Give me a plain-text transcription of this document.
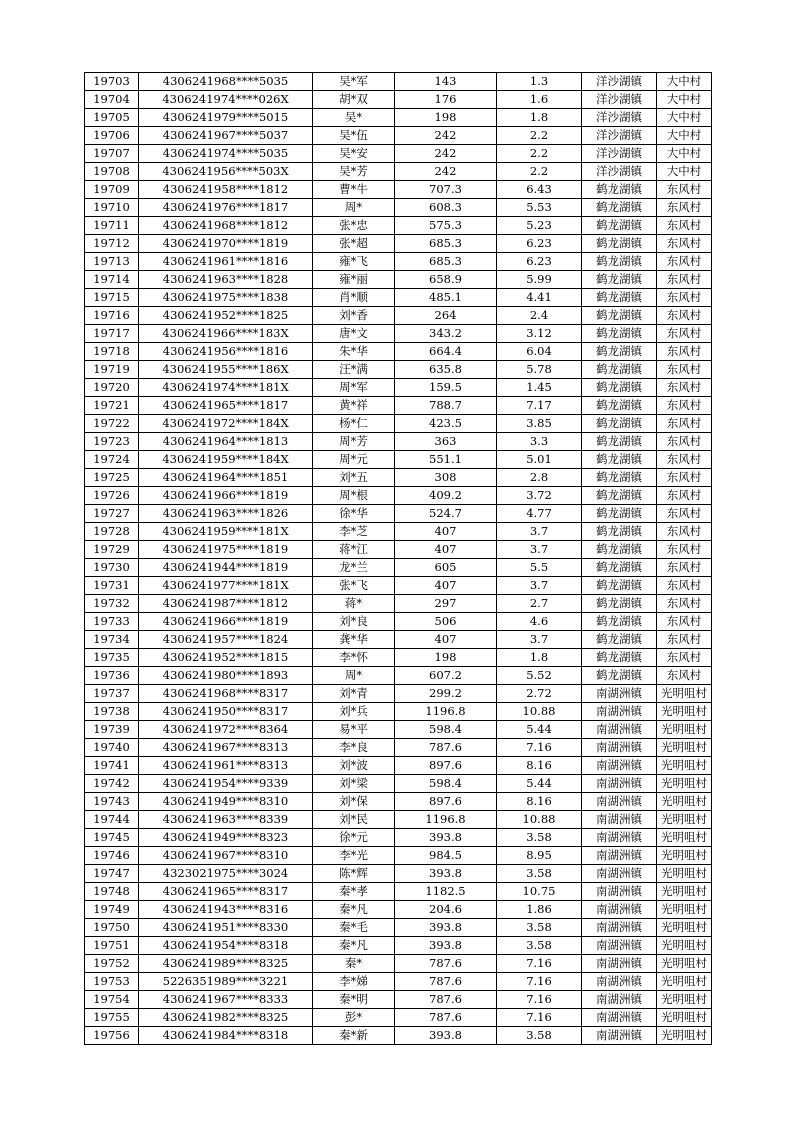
19703	4306241968****5035	吴*军	143	1.3	洋沙湖镇	大中村
19704	4306241974****026X	胡*双	176	1.6	洋沙湖镇	大中村
19705	4306241979****5015	吴*	198	1.8	洋沙湖镇	大中村
19706	4306241967****5037	吴*伍	242	2.2	洋沙湖镇	大中村
19707	4306241974****5035	吴*安	242	2.2	洋沙湖镇	大中村
19708	4306241956****503X	吴*芳	242	2.2	洋沙湖镇	大中村
19709	4306241958****1812	曹*牛	707.3	6.43	鹤龙湖镇	东风村
19710	4306241976****1817	周*	608.3	5.53	鹤龙湖镇	东风村
19711	4306241968****1812	张*忠	575.3	5.23	鹤龙湖镇	东风村
19712	4306241970****1819	张*超	685.3	6.23	鹤龙湖镇	东风村
19713	4306241961****1816	雍*飞	685.3	6.23	鹤龙湖镇	东风村
19714	4306241963****1828	雍*丽	658.9	5.99	鹤龙湖镇	东风村
19715	4306241975****1838	肖*顺	485.1	4.41	鹤龙湖镇	东风村
19716	4306241952****1825	刘*香	264	2.4	鹤龙湖镇	东风村
19717	4306241966****183X	唐*文	343.2	3.12	鹤龙湖镇	东风村
19718	4306241956****1816	朱*华	664.4	6.04	鹤龙湖镇	东风村
19719	4306241955****186X	汪*满	635.8	5.78	鹤龙湖镇	东风村
19720	4306241974****181X	周*军	159.5	1.45	鹤龙湖镇	东风村
19721	4306241965****1817	黄*祥	788.7	7.17	鹤龙湖镇	东风村
19722	4306241972****184X	杨*仁	423.5	3.85	鹤龙湖镇	东风村
19723	4306241964****1813	周*芳	363	3.3	鹤龙湖镇	东风村
19724	4306241959****184X	周*元	551.1	5.01	鹤龙湖镇	东风村
19725	4306241964****1851	刘*五	308	2.8	鹤龙湖镇	东风村
19726	4306241966****1819	周*根	409.2	3.72	鹤龙湖镇	东风村
19727	4306241963****1826	徐*华	524.7	4.77	鹤龙湖镇	东风村
19728	4306241959****181X	李*芝	407	3.7	鹤龙湖镇	东风村
19729	4306241975****1819	蒋*江	407	3.7	鹤龙湖镇	东风村
19730	4306241944****1819	龙*兰	605	5.5	鹤龙湖镇	东风村
19731	4306241977****181X	张*飞	407	3.7	鹤龙湖镇	东风村
19732	4306241987****1812	蒋*	297	2.7	鹤龙湖镇	东风村
19733	4306241966****1819	刘*良	506	4.6	鹤龙湖镇	东风村
19734	4306241957****1824	龚*华	407	3.7	鹤龙湖镇	东风村
19735	4306241952****1815	李*怀	198	1.8	鹤龙湖镇	东风村
19736	4306241980****1893	周*	607.2	5.52	鹤龙湖镇	东风村
19737	4306241968****8317	刘*青	299.2	2.72	南湖洲镇	光明咀村
19738	4306241950****8317	刘*兵	1196.8	10.88	南湖洲镇	光明咀村
19739	4306241972****8364	易*平	598.4	5.44	南湖洲镇	光明咀村
19740	4306241967****8313	李*良	787.6	7.16	南湖洲镇	光明咀村
19741	4306241961****8313	刘*波	897.6	8.16	南湖洲镇	光明咀村
19742	4306241954****9339	刘*梁	598.4	5.44	南湖洲镇	光明咀村
19743	4306241949****8310	刘*保	897.6	8.16	南湖洲镇	光明咀村
19744	4306241963****8339	刘*民	1196.8	10.88	南湖洲镇	光明咀村
19745	4306241949****8323	徐*元	393.8	3.58	南湖洲镇	光明咀村
19746	4306241967****8310	李*光	984.5	8.95	南湖洲镇	光明咀村
19747	4323021975****3024	陈*辉	393.8	3.58	南湖洲镇	光明咀村
19748	4306241965****8317	秦*孝	1182.5	10.75	南湖洲镇	光明咀村
19749	4306241943****8316	秦*凡	204.6	1.86	南湖洲镇	光明咀村
19750	4306241951****8330	秦*毛	393.8	3.58	南湖洲镇	光明咀村
19751	4306241954****8318	秦*凡	393.8	3.58	南湖洲镇	光明咀村
19752	4306241989****8325	秦*	787.6	7.16	南湖洲镇	光明咀村
19753	5226351989****3221	李*娣	787.6	7.16	南湖洲镇	光明咀村
19754	4306241967****8333	秦*明	787.6	7.16	南湖洲镇	光明咀村
19755	4306241982****8325	彭*	787.6	7.16	南湖洲镇	光明咀村
19756	4306241984****8318	秦*新	393.8	3.58	南湖洲镇	光明咀村
